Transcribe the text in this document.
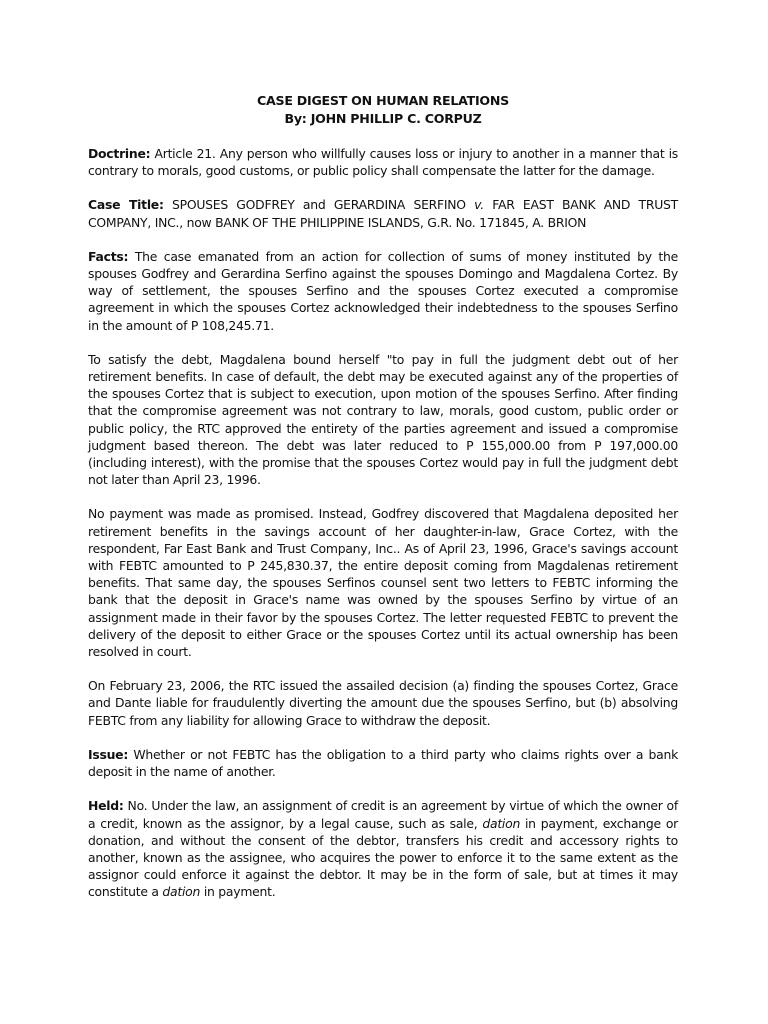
CASE DIGEST ON HUMAN RELATIONS
By: JOHN PHILLIP C. CORPUZ

Doctrine: Article 21. Any person who willfully causes loss or injury to another in a manner that is contrary to morals, good customs, or public policy shall compensate the latter for the damage.

Case Title: SPOUSES GODFREY and GERARDINA SERFINO v. FAR EAST BANK AND TRUST COMPANY, INC., now BANK OF THE PHILIPPINE ISLANDS, G.R. No. 171845, A. BRION

Facts: The case emanated from an action for collection of sums of money instituted by the spouses Godfrey and Gerardina Serfino against the spouses Domingo and Magdalena Cortez. By way of settlement, the spouses Serfino and the spouses Cortez executed a compromise agreement in which the spouses Cortez acknowledged their indebtedness to the spouses Serfino in the amount of P 108,245.71.

To satisfy the debt, Magdalena bound herself "to pay in full the judgment debt out of her retirement benefits. In case of default, the debt may be executed against any of the properties of the spouses Cortez that is subject to execution, upon motion of the spouses Serfino. After finding that the compromise agreement was not contrary to law, morals, good custom, public order or public policy, the RTC approved the entirety of the parties agreement and issued a compromise judgment based thereon. The debt was later reduced to P 155,000.00 from P 197,000.00 (including interest), with the promise that the spouses Cortez would pay in full the judgment debt not later than April 23, 1996.

No payment was made as promised. Instead, Godfrey discovered that Magdalena deposited her retirement benefits in the savings account of her daughter-in-law, Grace Cortez, with the respondent, Far East Bank and Trust Company, Inc.. As of April 23, 1996, Grace's savings account with FEBTC amounted to P 245,830.37, the entire deposit coming from Magdalenas retirement benefits. That same day, the spouses Serfinos counsel sent two letters to FEBTC informing the bank that the deposit in Grace's name was owned by the spouses Serfino by virtue of an assignment made in their favor by the spouses Cortez. The letter requested FEBTC to prevent the delivery of the deposit to either Grace or the spouses Cortez until its actual ownership has been resolved in court.

On February 23, 2006, the RTC issued the assailed decision (a) finding the spouses Cortez, Grace and Dante liable for fraudulently diverting the amount due the spouses Serfino, but (b) absolving FEBTC from any liability for allowing Grace to withdraw the deposit.

Issue: Whether or not FEBTC has the obligation to a third party who claims rights over a bank deposit in the name of another.

Held: No. Under the law, an assignment of credit is an agreement by virtue of which the owner of a credit, known as the assignor, by a legal cause, such as sale, dation in payment, exchange or donation, and without the consent of the debtor, transfers his credit and accessory rights to another, known as the assignee, who acquires the power to enforce it to the same extent as the assignor could enforce it against the debtor. It may be in the form of sale, but at times it may constitute a dation in payment.
